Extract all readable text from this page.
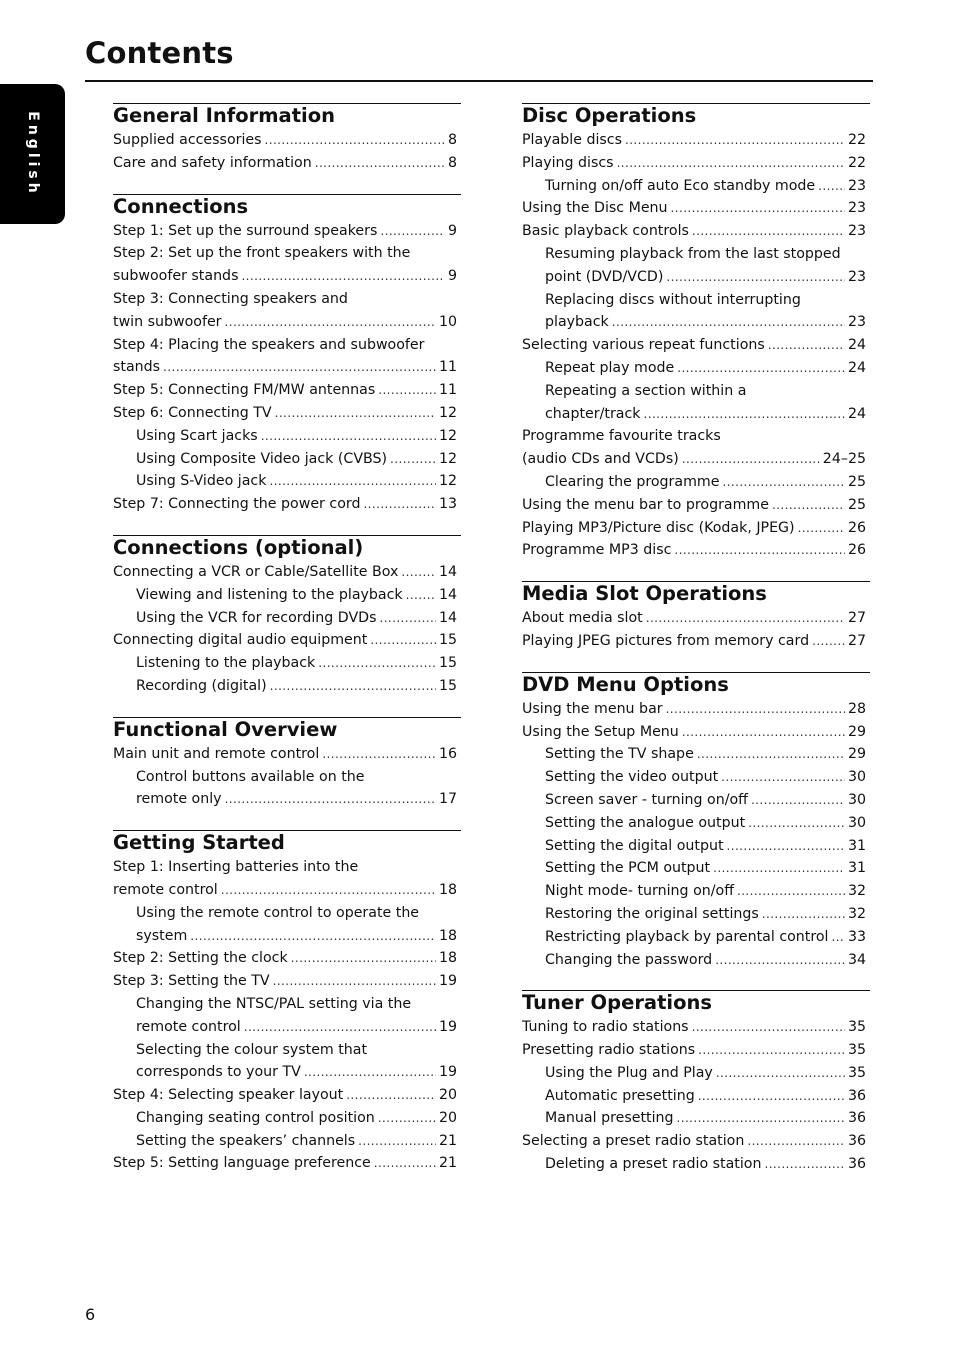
Contents
English	General Information
Supplied accessories .....	8
Care and safety information .....	8
Connections
Step 1: Set up the surround speakers .....	9
Step 2: Set up the front speakers with the
subwoofer stands .....	9
Step 3: Connecting speakers and
twin subwoofer .....	10
Step 4: Placing the speakers and subwoofer
stands .....	11
Step 5: Connecting FM/MW antennas .....	11
Step 6: Connecting TV .....	12
Using Scart jacks .....	12
Using Composite Video jack (CVBS) .....	12
Using S-Video jack .....	12
Step 7: Connecting the power cord .....	13
Connections (optional)
Connecting a VCR or Cable/Satellite Box .....	14
Viewing and listening to the playback .....	14
Using the VCR for recording DVDs .....	14
Connecting digital audio equipment .....	15
Listening to the playback .....	15
Recording (digital) .....	15
Functional Overview
Main unit and remote control .....	16
Control buttons available on the
remote only .....	17
Getting Started
Step 1: Inserting batteries into the
remote control .....	18
Using the remote control to operate the
system .....	18
Step 2: Setting the clock .....	18
Step 3: Setting the TV .....	19
Changing the NTSC/PAL setting via the
remote control .....	19
Selecting the colour system that
corresponds to your TV .....	19
Step 4: Selecting speaker layout .....	20
Changing seating control position .....	20
Setting the speakers’ channels .....	21
Step 5: Setting language preference .....	21
Disc Operations
Playable discs .....	22
Playing discs .....	22
Turning on/off auto Eco standby mode ..... 23
Using the Disc Menu .....	23
Basic playback controls .....	23
Resuming playback from the last stopped
point (DVD/VCD) .....	23
Replacing discs without interrupting
playback .....	23
Selecting various repeat functions .....	24
Repeat play mode .....	24
Repeating a section within a
chapter/track .....	24
Programme favourite tracks
(audio CDs and VCDs) .....	24–25
Clearing the programme .....	25
Using the menu bar to programme .....	25
Playing MP3/Picture disc (Kodak, JPEG) .....	26
Programme MP3 disc .....	26
Media Slot Operations
About media slot .....	27
Playing JPEG pictures from memory card .....	27
DVD Menu Options
Using the menu bar .....	28
Using the Setup Menu .....	29
Setting the TV shape .....	29
Setting the video output .....	30
Screen saver - turning on/off .....	30
Setting the analogue output .....	30
Setting the digital output .....	31
Setting the PCM output .....	31
Night mode- turning on/off .....	32
Restoring the original settings .....	32
Restricting playback by parental control ..... 33
Changing the password .....	34
Tuner Operations
Tuning to radio stations .....	35
Presetting radio stations .....	35
Using the Plug and Play .....	35
Automatic presetting .....	36
Manual presetting .....	36
Selecting a preset radio station .....	36
Deleting a preset radio station .....	36
6
